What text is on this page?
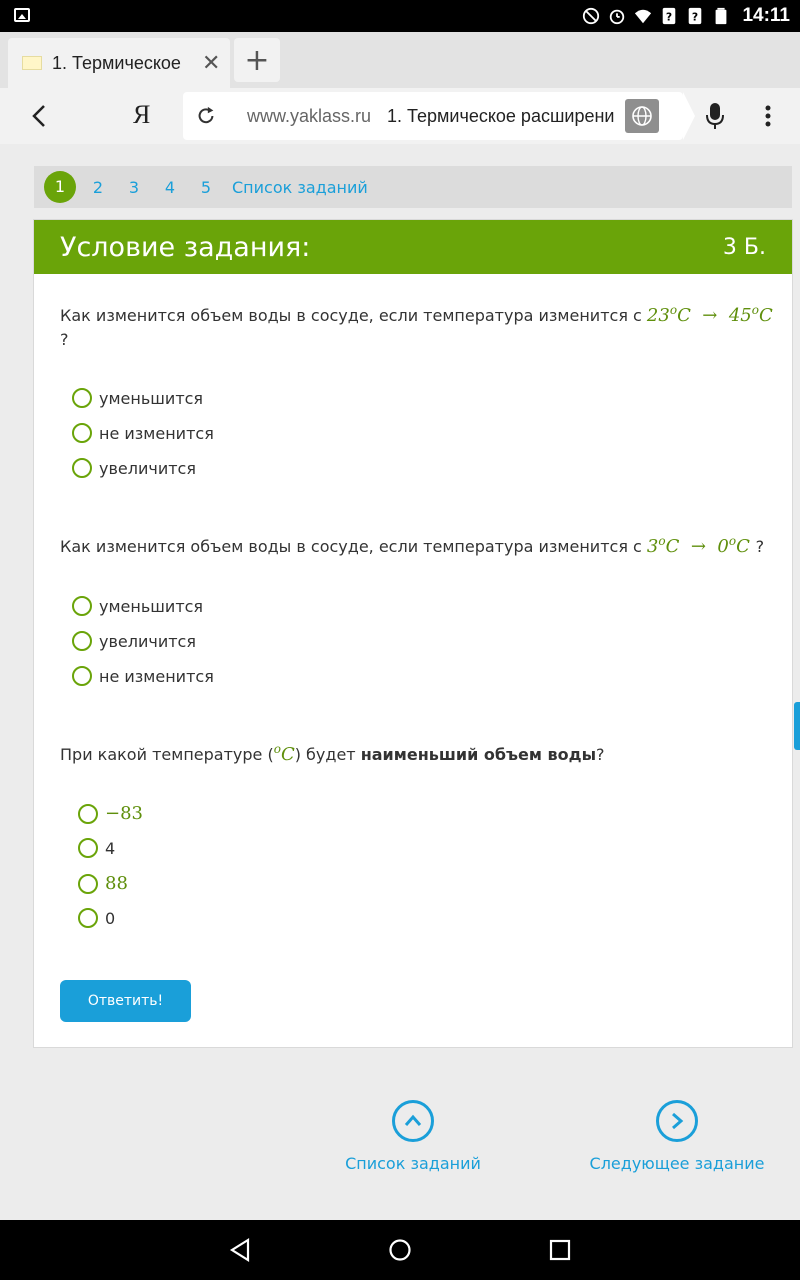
? ? 14:11
1. Термическое ✕ +
Я	www.yaklass.ru 1. Термическое расширени
1	2	3	4	5	Список заданий
Условие задания:	3 Б.
Как изменится объем воды в сосуде, если температура изменится с $23^oC \to 45^oC$
?
уменьшится
не изменится
увеличится
Как изменится объем воды в сосуде, если температура изменится с $3^oC \to 0^oC$ ?
уменьшится
увеличится
не изменится
При какой температуре ($^o$C) будет наименьший объем воды?
−83
4
88
0
Ответить!
Список заданий	Следующее задание
